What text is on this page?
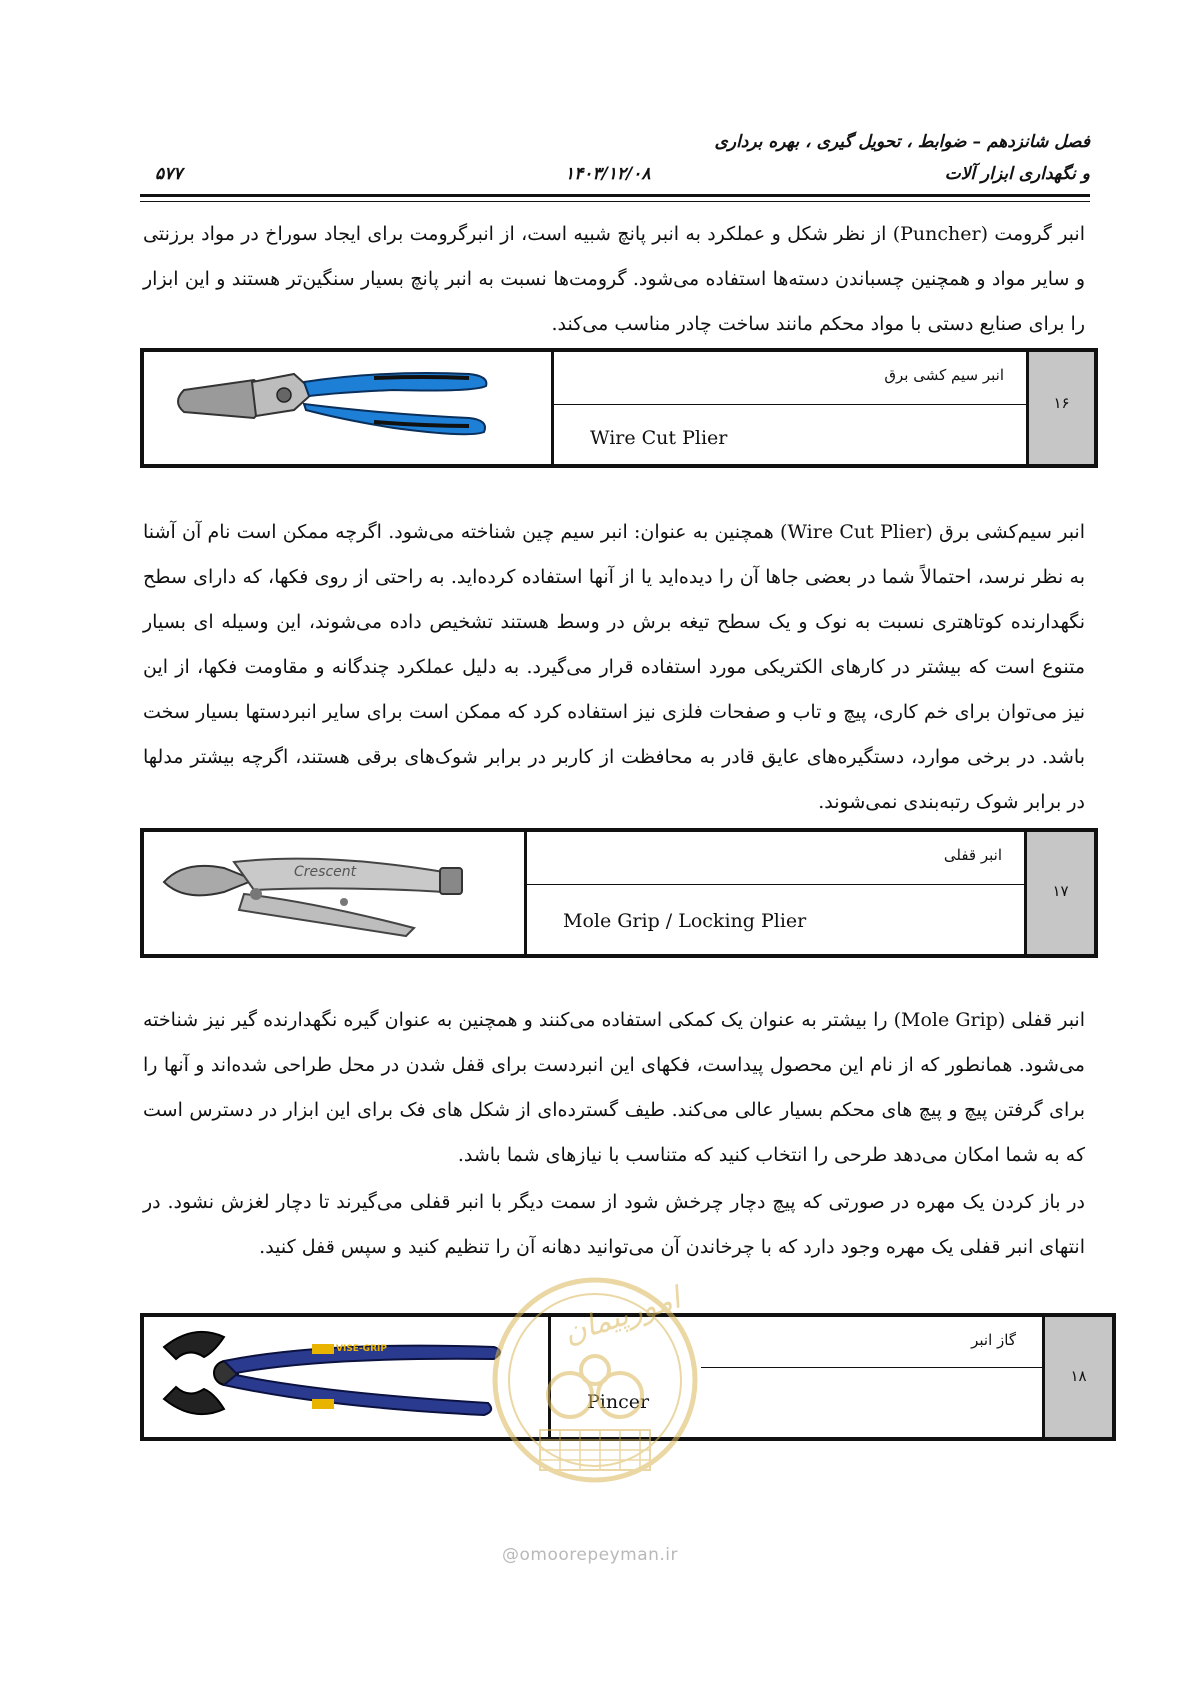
فصل شانزدهم – ضوابط ، تحویل گیری ، بهره برداری
و نگهداری ابزار آلات
۱۴۰۳/۱۲/۰۸
۵۷۷

انبر گرومت (Puncher) از نظر شکل و عملکرد به انبر پانچ شبیه است، از انبرگرومت برای ایجاد سوراخ در مواد برزنتی و سایر مواد و همچنین چسباندن دسته‌ها استفاده می‌شود. گرومت‌ها نسبت به انبر پانچ بسیار سنگین‌تر هستند و این ابزار را برای صنایع دستی با مواد محکم مانند ساخت چادر مناسب می‌کند.

انبر سیم کشی برق
Wire Cut Plier
۱۶

انبر سیم‌کشی برق (Wire Cut Plier) همچنین به عنوان: انبر سیم چین شناخته می‌شود. اگرچه ممکن است نام آن آشنا به نظر نرسد، احتمالاً شما در بعضی جاها آن را دیده‌اید یا از آنها استفاده کرده‌اید. به راحتی از روی فکها، که دارای سطح نگهدارنده کوتاهتری نسبت به نوک و یک سطح تیغه برش در وسط هستند تشخیص داده می‌شوند، این وسیله ای بسیار متنوع است که بیشتر در کارهای الکتریکی مورد استفاده قرار می‌گیرد. به دلیل عملکرد چندگانه و مقاومت فکها، از این نیز می‌توان برای خم کاری، پیچ و تاب و صفحات فلزی نیز استفاده کرد که ممکن است برای سایر انبردستها بسیار سخت باشد. در برخی موارد، دستگیره‌های عایق قادر به محافظت از کاربر در برابر شوک‌های برقی هستند، اگرچه بیشتر مدلها در برابر شوک رتبه‌بندی نمی‌شوند.

Crescent
انبر قفلی
Mole Grip / Locking Plier
۱۷

انبر قفلی (Mole Grip) را بیشتر به عنوان یک کمکی استفاده می‌کنند و همچنین به عنوان گیره نگهدارنده گیر نیز شناخته می‌شود. همانطور که از نام این محصول پیداست، فکهای این انبردست برای قفل شدن در محل طراحی شده‌اند و آنها را برای گرفتن پیچ و پیچ های محکم بسیار عالی می‌کند. طیف گسترده‌ای از شکل های فک برای این ابزار در دسترس است که به شما امکان می‌دهد طرحی را انتخاب کنید که متناسب با نیازهای شما باشد.

در باز کردن یک مهره در صورتی که پیچ دچار چرخش شود از سمت دیگر با انبر قفلی می‌گیرند تا دچار لغزش نشود. در انتهای انبر قفلی یک مهره وجود دارد که با چرخاندن آن می‌توانید دهانه آن را تنظیم کنید و سپس قفل کنید.

VISE-GRIP	گاز انبر
Pincer
۱۸
امورپیمان
@omoorepeyman.ir
